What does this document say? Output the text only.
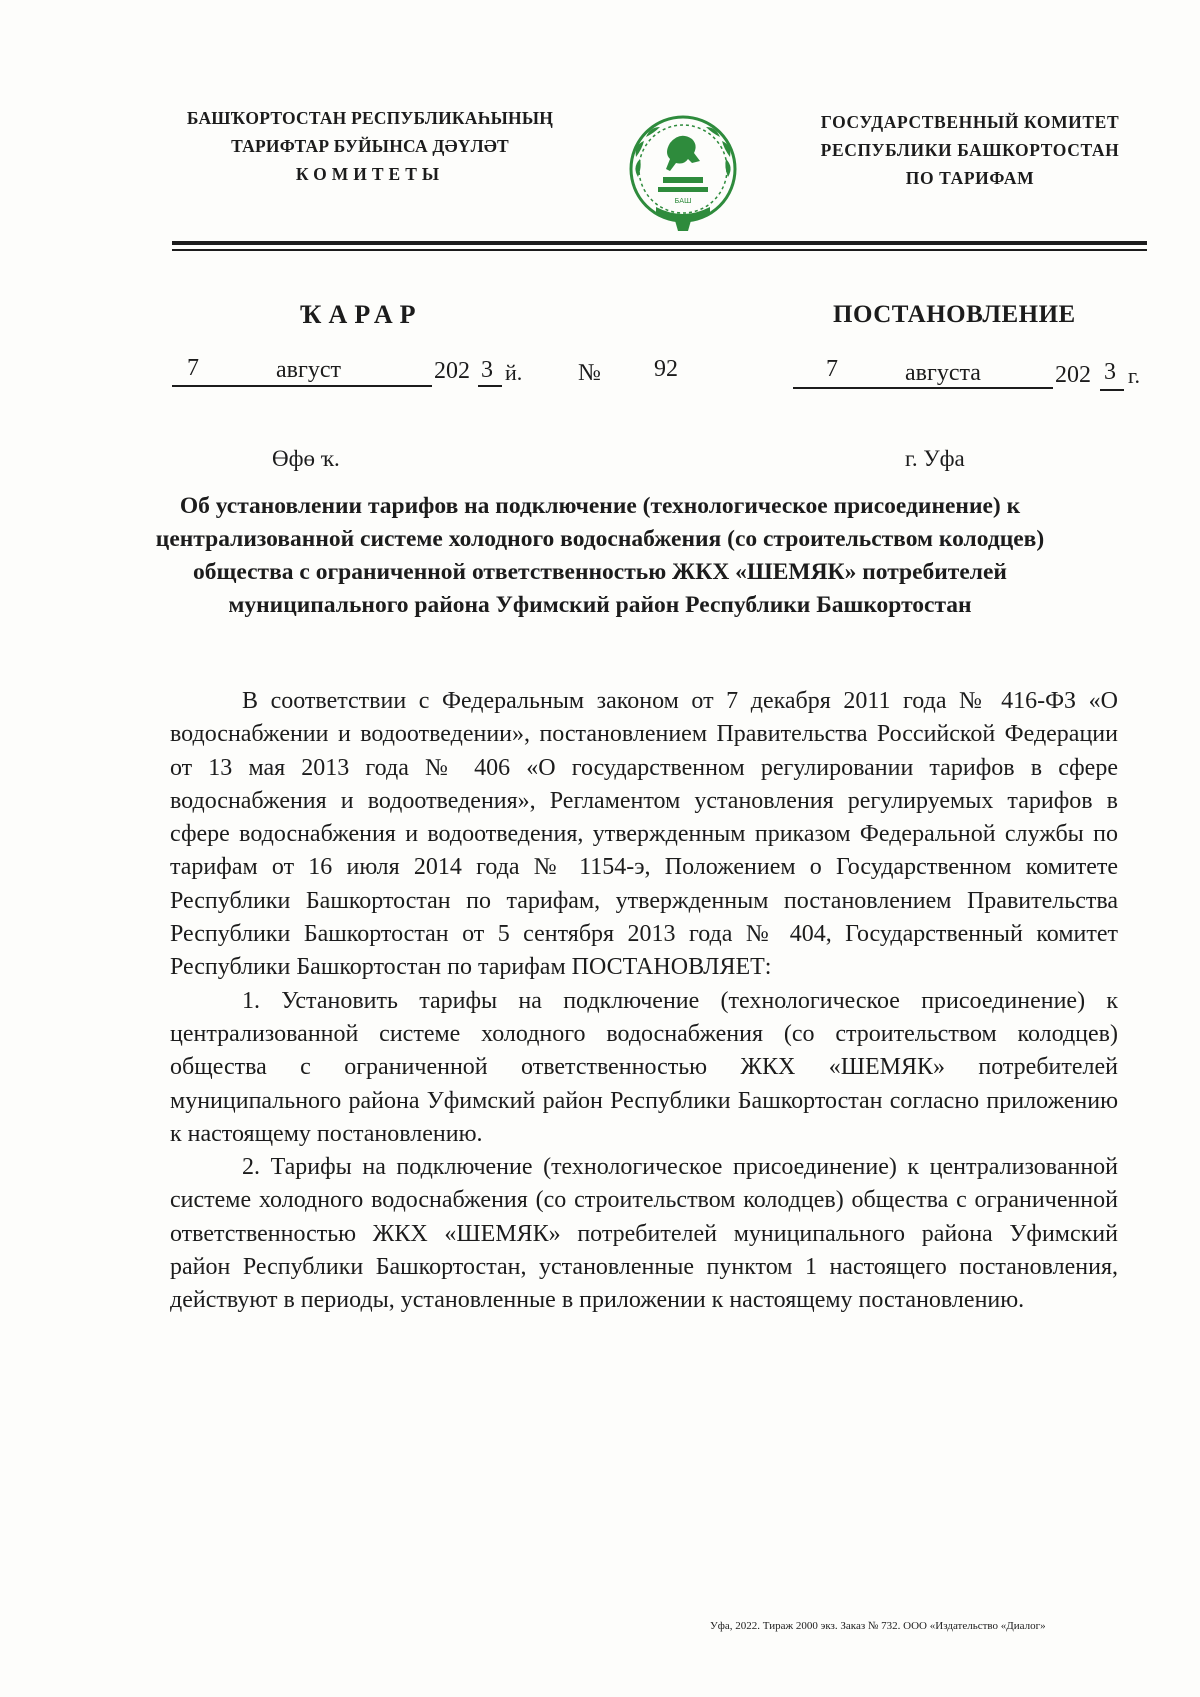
БАШҠОРТОСТАН РЕСПУБЛИКАҺЫНЫҢ
ТАРИФТАР БУЙЫНСА ДӘҮЛӘТ
КОМИТЕТЫ
БАШ
ГОСУДАРСТВЕННЫЙ КОМИТЕТ
РЕСПУБЛИКИ БАШКОРТОСТАН
ПО ТАРИФАМ
ҠАРАР	ПОСТАНОВЛЕНИЕ
7	август	202 3 й. № 92	7	августа	202 3 г.
Өфө ҡ.	г. Уфа
Об установлении тарифов на подключение (технологическое присоединение) к централизованной системе холодного водоснабжения (со строительством колодцев) общества с ограниченной ответственностью ЖКХ «ШЕМЯК» потребителей муниципального района Уфимский район Республики Башкортостан

В соответствии с Федеральным законом от 7 декабря 2011 года № 416-ФЗ «О водоснабжении и водоотведении», постановлением Правительства Российской Федерации от 13 мая 2013 года № 406 «О государственном регулировании тарифов в сфере водоснабжения и водоотведения», Регламентом установления регулируемых тарифов в сфере водоснабжения и водоотведения, утвержденным приказом Федеральной службы по тарифам от 16 июля 2014 года № 1154-э, Положением о Государственном комитете Республики Башкортостан по тарифам, утвержденным постановлением Правительства Республики Башкортостан от 5 сентября 2013 года № 404, Государственный комитет Республики Башкортостан по тарифам ПОСТАНОВЛЯЕТ:

1. Установить тарифы на подключение (технологическое присоединение) к централизованной системе холодного водоснабжения (со строительством колодцев) общества с ограниченной ответственностью ЖКХ «ШЕМЯК» потребителей муниципального района Уфимский район Республики Башкортостан согласно приложению к настоящему постановлению.

2. Тарифы на подключение (технологическое присоединение) к централизованной системе холодного водоснабжения (со строительством колодцев) общества с ограниченной ответственностью ЖКХ «ШЕМЯК» потребителей муниципального района Уфимский район Республики Башкортостан, установленные пунктом 1 настоящего постановления, действуют в периоды, установленные в приложении к настоящему постановлению.

Уфа, 2022. Тираж 2000 экз. Заказ № 732. ООО «Издательство «Диалог»
